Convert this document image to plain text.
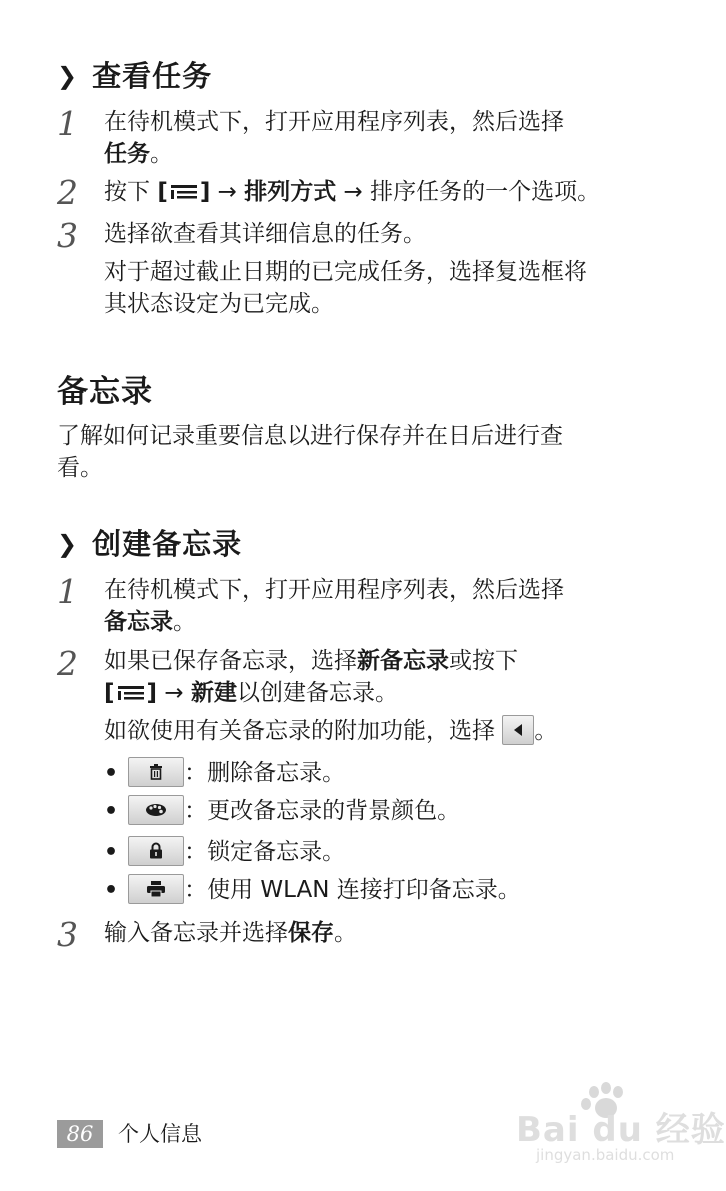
❯ 查看任务
1 在待机模式下，打开应用程序列表，然后选择
任务。
2 按下 [ ] → 排列方式 → 排序任务的一个选项。
3 选择欲查看其详细信息的任务。
对于超过截止日期的已完成任务，选择复选框将
其状态设定为已完成。
备忘录
了解如何记录重要信息以进行保存并在日后进行查
看。
❯ 创建备忘录
1 在待机模式下，打开应用程序列表，然后选择
备忘录。
2 如果已保存备忘录，选择新备忘录或按下
[ ] → 新建以创建备忘录。
如欲使用有关备忘录的附加功能，选择
。
•	：删除备忘录。
•	：更改备忘录的背景颜色。
•	：锁定备忘录。
•	：使用 WLAN 连接打印备忘录。
3 输入备忘录并选择保存。
86	个人信息	Bai du 经验
jingyan.baidu.com
